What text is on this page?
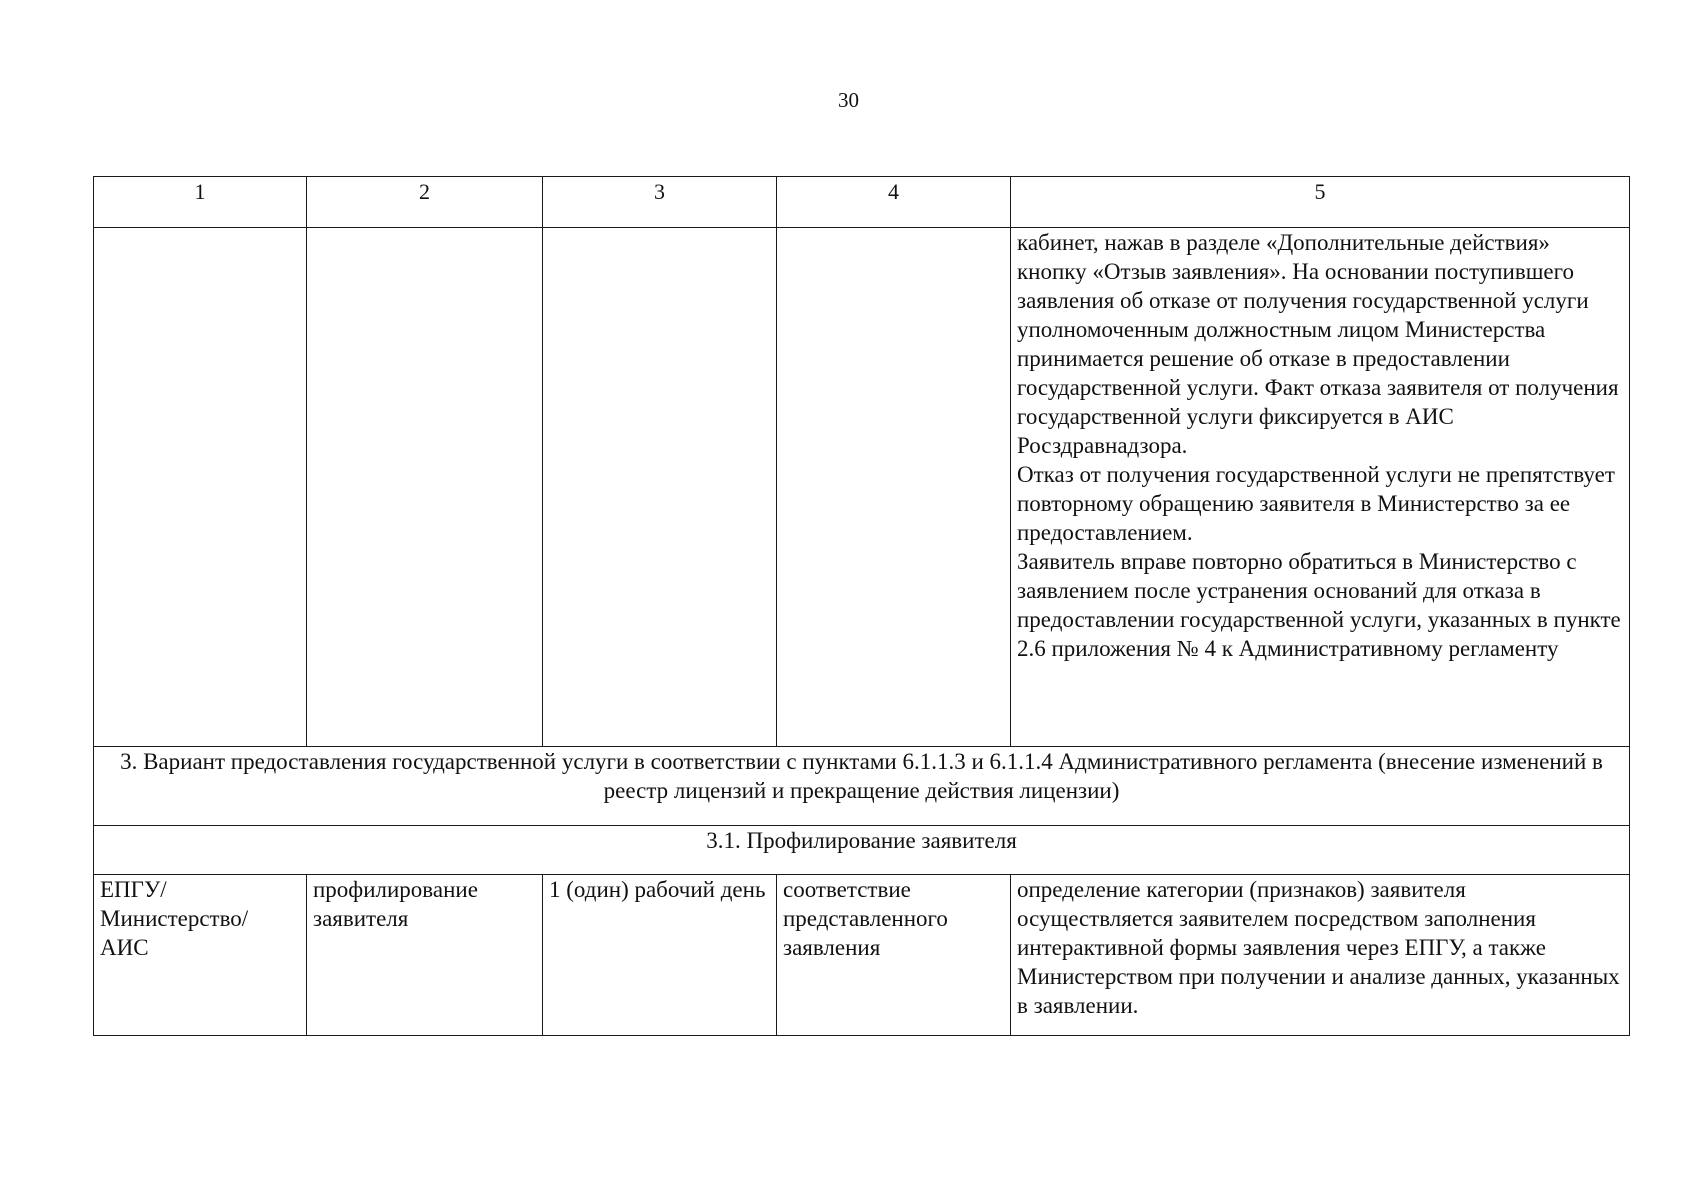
30
1	2	3	4	5

				кабинет, нажав в разделе «Дополнительные действия» кнопку «Отзыв заявления». На основании поступившего заявления об отказе от получения государственной услуги уполномоченным должностным лицом Министерства принимается решение об отказе в предоставлении государственной услуги. Факт отказа заявителя от получения государственной услуги фиксируется в АИС Росздравнадзора.
Отказ от получения государственной услуги не препятствует повторному обращению заявителя в Министерство за ее предоставлением.
Заявитель вправе повторно обратиться в Министерство с заявлением после устранения оснований для отказа в предоставлении государственной услуги, указанных в пункте 2.6 приложения № 4 к Административному регламенту

3. Вариант предоставления государственной услуги в соответствии с пунктами 6.1.1.3 и 6.1.1.4 Административного регламента (внесение изменений в реестр лицензий и прекращение действия лицензии)				
3.1. Профилирование заявителя				
ЕПГУ/ Министерство/ АИС	профилирование заявителя	1 (один) рабочий день	соответствие представленного заявления	определение категории (признаков) заявителя осуществляется заявителем посредством заполнения интерактивной формы заявления через ЕПГУ, а также Министерством при получении и анализе данных, указанных в заявлении.
